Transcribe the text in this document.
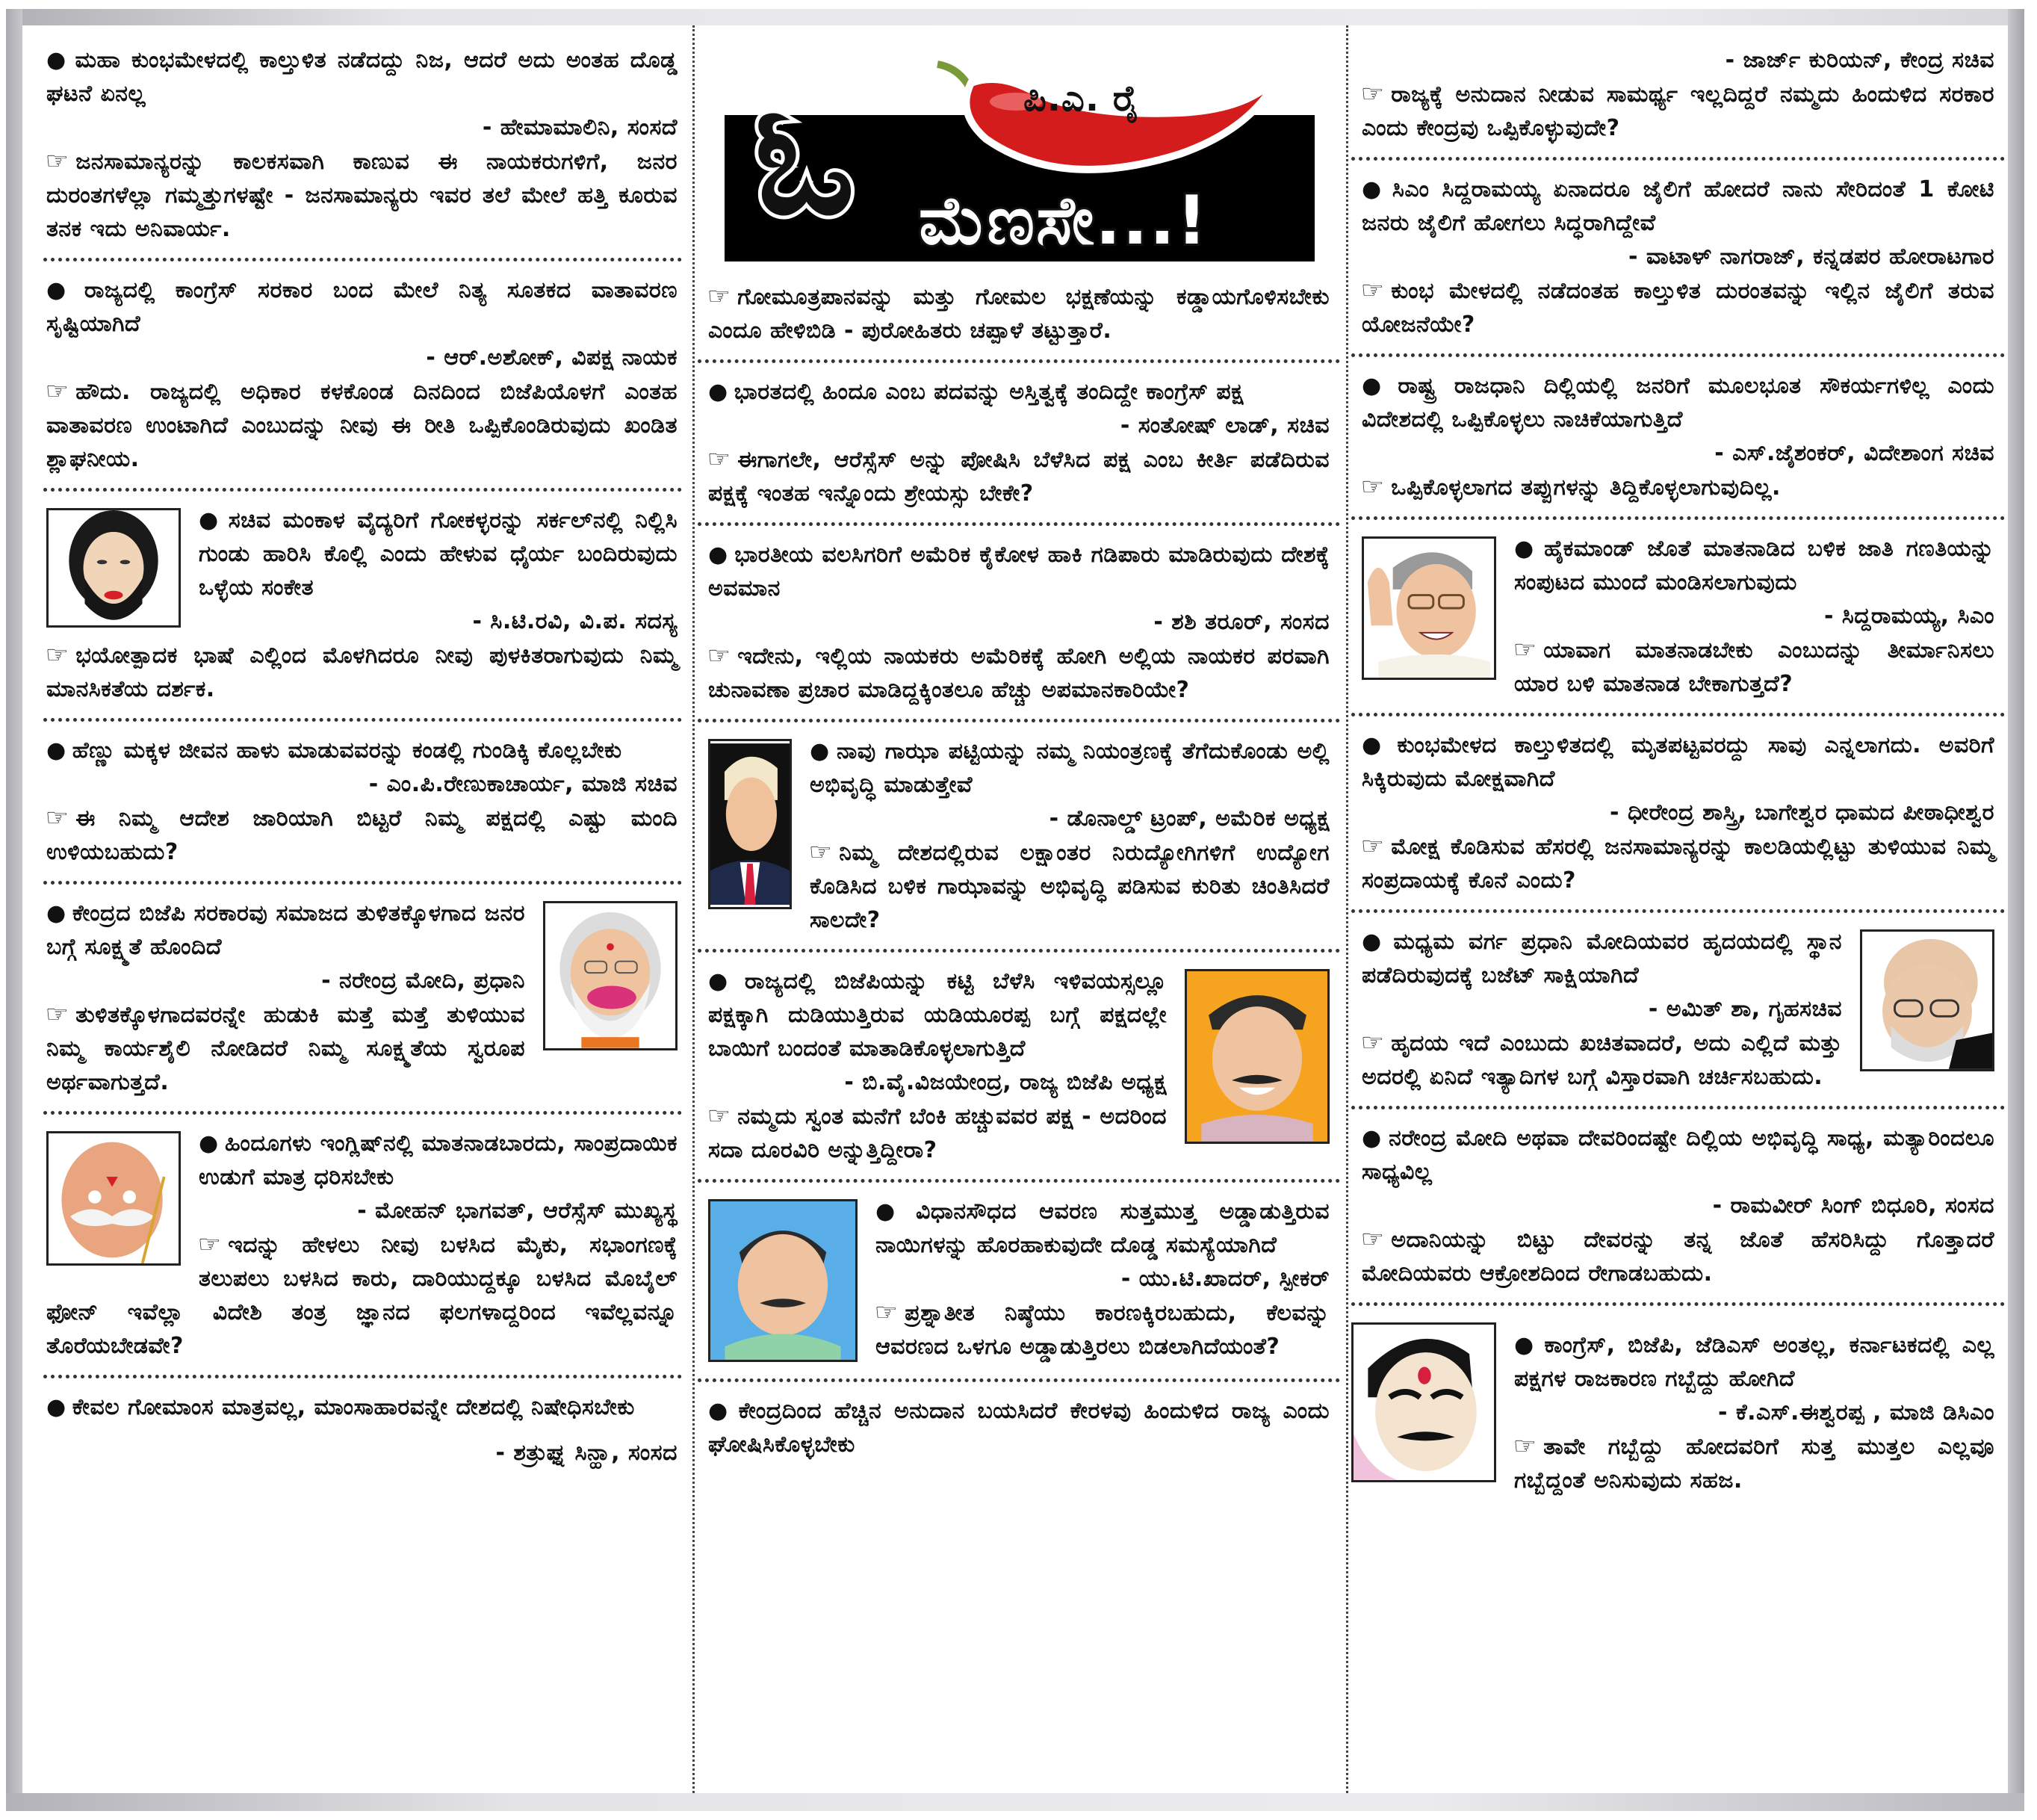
● ಮಹಾ ಕುಂಭಮೇಳದಲ್ಲಿ ಕಾಲ್ತುಳಿತ ನಡೆದದ್ದು ನಿಜ, ಆದರೆ ಅದು ಅಂತಹ ದೊಡ್ಡ ಘಟನೆ ಏನಲ್ಲ

- ಹೇಮಾಮಾಲಿನಿ, ಸಂಸದೆ

☞ ಜನಸಾಮಾನ್ಯರನ್ನು ಕಾಲಕಸವಾಗಿ ಕಾಣುವ ಈ ನಾಯಕರುಗಳಿಗೆ, ಜನರ ದುರಂತಗಳೆಲ್ಲಾ ಗಮ್ಮತ್ತುಗಳಷ್ಟೇ - ಜನಸಾಮಾನ್ಯರು ಇವರ ತಲೆ ಮೇಲೆ ಹತ್ತಿ ಕೂರುವ ತನಕ ಇದು ಅನಿವಾರ್ಯ.

● ರಾಜ್ಯದಲ್ಲಿ ಕಾಂಗ್ರೆಸ್ ಸರಕಾರ ಬಂದ ಮೇಲೆ ನಿತ್ಯ ಸೂತಕದ ವಾತಾವರಣ ಸೃಷ್ಟಿಯಾಗಿದೆ

- ಆರ್.ಅಶೋಕ್, ವಿಪಕ್ಷ ನಾಯಕ

☞ ಹೌದು. ರಾಜ್ಯದಲ್ಲಿ ಅಧಿಕಾರ ಕಳಕೊಂಡ ದಿನದಿಂದ ಬಿಜೆಪಿಯೊಳಗೆ ಎಂತಹ ವಾತಾವರಣ ಉಂಟಾಗಿದೆ ಎಂಬುದನ್ನು ನೀವು ಈ ರೀತಿ ಒಪ್ಪಿಕೊಂಡಿರುವುದು ಖಂಡಿತ ಶ್ಲಾಘನೀಯ.

● ಸಚಿವ ಮಂಕಾಳ ವೈದ್ಯರಿಗೆ ಗೋಕಳ್ಳರನ್ನು ಸರ್ಕಲ್‌ನಲ್ಲಿ ನಿಲ್ಲಿಸಿ ಗುಂಡು ಹಾರಿಸಿ ಕೊಲ್ಲಿ ಎಂದು ಹೇಳುವ ಧೈರ್ಯ ಬಂದಿರುವುದು ಒಳ್ಳೆಯ ಸಂಕೇತ

- ಸಿ.ಟಿ.ರವಿ, ವಿ.ಪ. ಸದಸ್ಯ

☞ ಭಯೋತ್ಪಾದಕ ಭಾಷೆ ಎಲ್ಲಿಂದ ಮೊಳಗಿದರೂ ನೀವು ಪುಳಕಿತರಾಗುವುದು ನಿಮ್ಮ ಮಾನಸಿಕತೆಯ ದರ್ಶಕ.

● ಹೆಣ್ಣು ಮಕ್ಕಳ ಜೀವನ ಹಾಳು ಮಾಡುವವರನ್ನು ಕಂಡಲ್ಲಿ ಗುಂಡಿಕ್ಕಿ ಕೊಲ್ಲಬೇಕು

- ಎಂ.ಪಿ.ರೇಣುಕಾಚಾರ್ಯ, ಮಾಜಿ ಸಚಿವ

☞ ಈ ನಿಮ್ಮ ಆದೇಶ ಜಾರಿಯಾಗಿ ಬಿಟ್ಟರೆ ನಿಮ್ಮ ಪಕ್ಷದಲ್ಲಿ ಎಷ್ಟು ಮಂದಿ ಉಳಿಯಬಹುದು?

● ಕೇಂದ್ರದ ಬಿಜೆಪಿ ಸರಕಾರವು ಸಮಾಜದ ತುಳಿತಕ್ಕೊಳಗಾದ ಜನರ ಬಗ್ಗೆ ಸೂಕ್ಷ್ಮತೆ ಹೊಂದಿದೆ

- ನರೇಂದ್ರ ಮೋದಿ, ಪ್ರಧಾನಿ

☞ ತುಳಿತಕ್ಕೊಳಗಾದವರನ್ನೇ ಹುಡುಕಿ ಮತ್ತೆ ಮತ್ತೆ ತುಳಿಯುವ ನಿಮ್ಮ ಕಾರ್ಯಶೈಲಿ ನೋಡಿದರೆ ನಿಮ್ಮ ಸೂಕ್ಷ್ಮತೆಯ ಸ್ವರೂಪ ಅರ್ಥವಾಗುತ್ತದೆ.

● ಹಿಂದೂಗಳು ಇಂಗ್ಲಿಷ್‌ನಲ್ಲಿ ಮಾತನಾಡಬಾರದು, ಸಾಂಪ್ರದಾಯಿಕ ಉಡುಗೆ ಮಾತ್ರ ಧರಿಸಬೇಕು

- ಮೋಹನ್ ಭಾಗವತ್, ಆರೆಸ್ಸೆಸ್ ಮುಖ್ಯಸ್ಥ

☞ ಇದನ್ನು ಹೇಳಲು ನೀವು ಬಳಸಿದ ಮೈಕು, ಸಭಾಂಗಣಕ್ಕೆ ತಲುಪಲು ಬಳಸಿದ ಕಾರು, ದಾರಿಯುದ್ದಕ್ಕೂ ಬಳಸಿದ ಮೊಬೈಲ್ ಫೋನ್ ಇವೆಲ್ಲಾ ವಿದೇಶಿ ತಂತ್ರ ಜ್ಞಾನದ ಫಲಗಳಾದ್ದರಿಂದ ಇವೆಲ್ಲವನ್ನೂ ತೊರೆಯಬೇಡವೇ?

● ಕೇವಲ ಗೋಮಾಂಸ ಮಾತ್ರವಲ್ಲ, ಮಾಂಸಾಹಾರವನ್ನೇ ದೇಶದಲ್ಲಿ ನಿಷೇಧಿಸಬೇಕು

- ಶತ್ರುಘ್ನ ಸಿನ್ಹಾ, ಸಂಸದ

ಪಿ.ಎ. ರೈ
ಓ ಮೆಣಸೇ...!

☞ ಗೋಮೂತ್ರಪಾನವನ್ನು ಮತ್ತು ಗೋಮಲ ಭಕ್ಷಣೆಯನ್ನು ಕಡ್ಡಾಯಗೊಳಿಸಬೇಕು ಎಂದೂ ಹೇಳಿಬಿಡಿ - ಪುರೋಹಿತರು ಚಪ್ಪಾಳೆ ತಟ್ಟುತ್ತಾರೆ.

● ಭಾರತದಲ್ಲಿ ಹಿಂದೂ ಎಂಬ ಪದವನ್ನು ಅಸ್ತಿತ್ವಕ್ಕೆ ತಂದಿದ್ದೇ ಕಾಂಗ್ರೆಸ್ ಪಕ್ಷ

- ಸಂತೋಷ್ ಲಾಡ್, ಸಚಿವ

☞ ಈಗಾಗಲೇ, ಆರೆಸ್ಸೆಸ್ ಅನ್ನು ಪೋಷಿಸಿ ಬೆಳೆಸಿದ ಪಕ್ಷ ಎಂಬ ಕೀರ್ತಿ ಪಡೆದಿರುವ ಪಕ್ಷಕ್ಕೆ ಇಂತಹ ಇನ್ನೊಂದು ಶ್ರೇಯಸ್ಸು ಬೇಕೇ?

● ಭಾರತೀಯ ವಲಸಿಗರಿಗೆ ಅಮೆರಿಕ ಕೈಕೋಳ ಹಾಕಿ ಗಡಿಪಾರು ಮಾಡಿರುವುದು ದೇಶಕ್ಕೆ ಅವಮಾನ

- ಶಶಿ ತರೂರ್, ಸಂಸದ

☞ ಇದೇನು, ಇಲ್ಲಿಯ ನಾಯಕರು ಅಮೆರಿಕಕ್ಕೆ ಹೋಗಿ ಅಲ್ಲಿಯ ನಾಯಕರ ಪರವಾಗಿ ಚುನಾವಣಾ ಪ್ರಚಾರ ಮಾಡಿದ್ದಕ್ಕಿಂತಲೂ ಹೆಚ್ಚು ಅಪಮಾನಕಾರಿಯೇ?

● ನಾವು ಗಾಝಾ ಪಟ್ಟಿಯನ್ನು ನಮ್ಮ ನಿಯಂತ್ರಣಕ್ಕೆ ತೆಗೆದುಕೊಂಡು ಅಲ್ಲಿ ಅಭಿವೃದ್ಧಿ ಮಾಡುತ್ತೇವೆ

- ಡೊನಾಲ್ಡ್ ಟ್ರಂಪ್, ಅಮೆರಿಕ ಅಧ್ಯಕ್ಷ

☞ ನಿಮ್ಮ ದೇಶದಲ್ಲಿರುವ ಲಕ್ಷಾಂತರ ನಿರುದ್ಯೋಗಿಗಳಿಗೆ ಉದ್ಯೋಗ ಕೊಡಿಸಿದ ಬಳಿಕ ಗಾಝಾವನ್ನು ಅಭಿವೃದ್ಧಿ ಪಡಿಸುವ ಕುರಿತು ಚಿಂತಿಸಿದರೆ ಸಾಲದೇ?

● ರಾಜ್ಯದಲ್ಲಿ ಬಿಜೆಪಿಯನ್ನು ಕಟ್ಟಿ ಬೆಳೆಸಿ ಇಳಿವಯಸ್ಸಲ್ಲೂ ಪಕ್ಷಕ್ಕಾಗಿ ದುಡಿಯುತ್ತಿರುವ ಯಡಿಯೂರಪ್ಪ ಬಗ್ಗೆ ಪಕ್ಷದಲ್ಲೇ ಬಾಯಿಗೆ ಬಂದಂತೆ ಮಾತಾಡಿಕೊಳ್ಳಲಾಗುತ್ತಿದೆ

- ಬಿ.ವೈ.ವಿಜಯೇಂದ್ರ, ರಾಜ್ಯ ಬಿಜೆಪಿ ಅಧ್ಯಕ್ಷ

☞ ನಮ್ಮದು ಸ್ವಂತ ಮನೆಗೆ ಬೆಂಕಿ ಹಚ್ಚುವವರ ಪಕ್ಷ - ಅದರಿಂದ ಸದಾ ದೂರವಿರಿ ಅನ್ನುತ್ತಿದ್ದೀರಾ?

● ವಿಧಾನಸೌಧದ ಆವರಣ ಸುತ್ತಮುತ್ತ ಅಡ್ಡಾಡುತ್ತಿರುವ ನಾಯಿಗಳನ್ನು ಹೊರಹಾಕುವುದೇ ದೊಡ್ಡ ಸಮಸ್ಯೆಯಾಗಿದೆ

- ಯು.ಟಿ.ಖಾದರ್, ಸ್ಪೀಕರ್

☞ ಪ್ರಶ್ನಾತೀತ ನಿಷ್ಠೆಯು ಕಾರಣಕ್ಕಿರಬಹುದು, ಕೆಲವನ್ನು ಆವರಣದ ಒಳಗೂ ಅಡ್ಡಾಡುತ್ತಿರಲು ಬಿಡಲಾಗಿದೆಯಂತೆ?

● ಕೇಂದ್ರದಿಂದ ಹೆಚ್ಚಿನ ಅನುದಾನ ಬಯಸಿದರೆ ಕೇರಳವು ಹಿಂದುಳಿದ ರಾಜ್ಯ ಎಂದು ಘೋಷಿಸಿಕೊಳ್ಳಬೇಕು

- ಜಾರ್ಜ್ ಕುರಿಯನ್, ಕೇಂದ್ರ ಸಚಿವ

☞ ರಾಜ್ಯಕ್ಕೆ ಅನುದಾನ ನೀಡುವ ಸಾಮರ್ಥ್ಯ ಇಲ್ಲದಿದ್ದರೆ ನಮ್ಮದು ಹಿಂದುಳಿದ ಸರಕಾರ ಎಂದು ಕೇಂದ್ರವು ಒಪ್ಪಿಕೊಳ್ಳುವುದೇ?

● ಸಿಎಂ ಸಿದ್ದರಾಮಯ್ಯ ಏನಾದರೂ ಜೈಲಿಗೆ ಹೋದರೆ ನಾನು ಸೇರಿದಂತೆ 1 ಕೋಟಿ ಜನರು ಜೈಲಿಗೆ ಹೋಗಲು ಸಿದ್ಧರಾಗಿದ್ದೇವೆ

- ವಾಟಾಳ್ ನಾಗರಾಜ್, ಕನ್ನಡಪರ ಹೋರಾಟಗಾರ

☞ ಕುಂಭ ಮೇಳದಲ್ಲಿ ನಡೆದಂತಹ ಕಾಲ್ತುಳಿತ ದುರಂತವನ್ನು ಇಲ್ಲಿನ ಜೈಲಿಗೆ ತರುವ ಯೋಜನೆಯೇ?

● ರಾಷ್ಟ್ರ ರಾಜಧಾನಿ ದಿಲ್ಲಿಯಲ್ಲಿ ಜನರಿಗೆ ಮೂಲಭೂತ ಸೌಕರ್ಯಗಳಿಲ್ಲ ಎಂದು ವಿದೇಶದಲ್ಲಿ ಒಪ್ಪಿಕೊಳ್ಳಲು ನಾಚಿಕೆಯಾಗುತ್ತಿದೆ

- ಎಸ್.ಜೈಶಂಕರ್, ವಿದೇಶಾಂಗ ಸಚಿವ

☞ ಒಪ್ಪಿಕೊಳ್ಳಲಾಗದ ತಪ್ಪುಗಳನ್ನು ತಿದ್ದಿಕೊಳ್ಳಲಾಗುವುದಿಲ್ಲ.

● ಹೈಕಮಾಂಡ್ ಜೊತೆ ಮಾತನಾಡಿದ ಬಳಿಕ ಜಾತಿ ಗಣತಿಯನ್ನು ಸಂಪುಟದ ಮುಂದೆ ಮಂಡಿಸಲಾಗುವುದು

- ಸಿದ್ದರಾಮಯ್ಯ, ಸಿಎಂ

☞ ಯಾವಾಗ ಮಾತನಾಡಬೇಕು ಎಂಬುದನ್ನು ತೀರ್ಮಾನಿಸಲು ಯಾರ ಬಳಿ ಮಾತನಾಡ ಬೇಕಾಗುತ್ತದೆ?

● ಕುಂಭಮೇಳದ ಕಾಲ್ತುಳಿತದಲ್ಲಿ ಮೃತಪಟ್ಟವರದ್ದು ಸಾವು ಎನ್ನಲಾಗದು. ಅವರಿಗೆ ಸಿಕ್ಕಿರುವುದು ಮೋಕ್ಷವಾಗಿದೆ

- ಧೀರೇಂದ್ರ ಶಾಸ್ತ್ರಿ, ಬಾಗೇಶ್ವರ ಧಾಮದ ಪೀಠಾಧೀಶ್ವರ

☞ ಮೋಕ್ಷ ಕೊಡಿಸುವ ಹೆಸರಲ್ಲಿ ಜನಸಾಮಾನ್ಯರನ್ನು ಕಾಲಡಿಯಲ್ಲಿಟ್ಟು ತುಳಿಯುವ ನಿಮ್ಮ ಸಂಪ್ರದಾಯಕ್ಕೆ ಕೊನೆ ಎಂದು?

● ಮಧ್ಯಮ ವರ್ಗ ಪ್ರಧಾನಿ ಮೋದಿಯವರ ಹೃದಯದಲ್ಲಿ ಸ್ಥಾನ ಪಡೆದಿರುವುದಕ್ಕೆ ಬಜೆಟ್ ಸಾಕ್ಷಿಯಾಗಿದೆ

- ಅಮಿತ್ ಶಾ, ಗೃಹಸಚಿವ

☞ ಹೃದಯ ಇದೆ ಎಂಬುದು ಖಚಿತವಾದರೆ, ಅದು ಎಲ್ಲಿದೆ ಮತ್ತು ಅದರಲ್ಲಿ ಏನಿದೆ ಇತ್ಯಾದಿಗಳ ಬಗ್ಗೆ ವಿಸ್ತಾರವಾಗಿ ಚರ್ಚಿಸಬಹುದು.

● ನರೇಂದ್ರ ಮೋದಿ ಅಥವಾ ದೇವರಿಂದಷ್ಟೇ ದಿಲ್ಲಿಯ ಅಭಿವೃದ್ಧಿ ಸಾಧ್ಯ, ಮತ್ಯಾರಿಂದಲೂ ಸಾಧ್ಯವಿಲ್ಲ

- ರಾಮವೀರ್ ಸಿಂಗ್ ಬಿಧೂರಿ, ಸಂಸದ

☞ ಅದಾನಿಯನ್ನು ಬಿಟ್ಟು ದೇವರನ್ನು ತನ್ನ ಜೊತೆ ಹೆಸರಿಸಿದ್ದು ಗೊತ್ತಾದರೆ ಮೋದಿಯವರು ಆಕ್ರೋಶದಿಂದ ರೇಗಾಡಬಹುದು.

● ಕಾಂಗ್ರೆಸ್, ಬಿಜೆಪಿ, ಜೆಡಿಎಸ್ ಅಂತಲ್ಲ, ಕರ್ನಾಟಕದಲ್ಲಿ ಎಲ್ಲ ಪಕ್ಷಗಳ ರಾಜಕಾರಣ ಗಬ್ಬೆದ್ದು ಹೋಗಿದೆ

- ಕೆ.ಎಸ್.ಈಶ್ವರಪ್ಪ , ಮಾಜಿ ಡಿಸಿಎಂ

☞ ತಾವೇ ಗಬ್ಬೆದ್ದು ಹೋದವರಿಗೆ ಸುತ್ತ ಮುತ್ತಲ ಎಲ್ಲವೂ ಗಬ್ಬೆದ್ದಂತೆ ಅನಿಸುವುದು ಸಹಜ.
